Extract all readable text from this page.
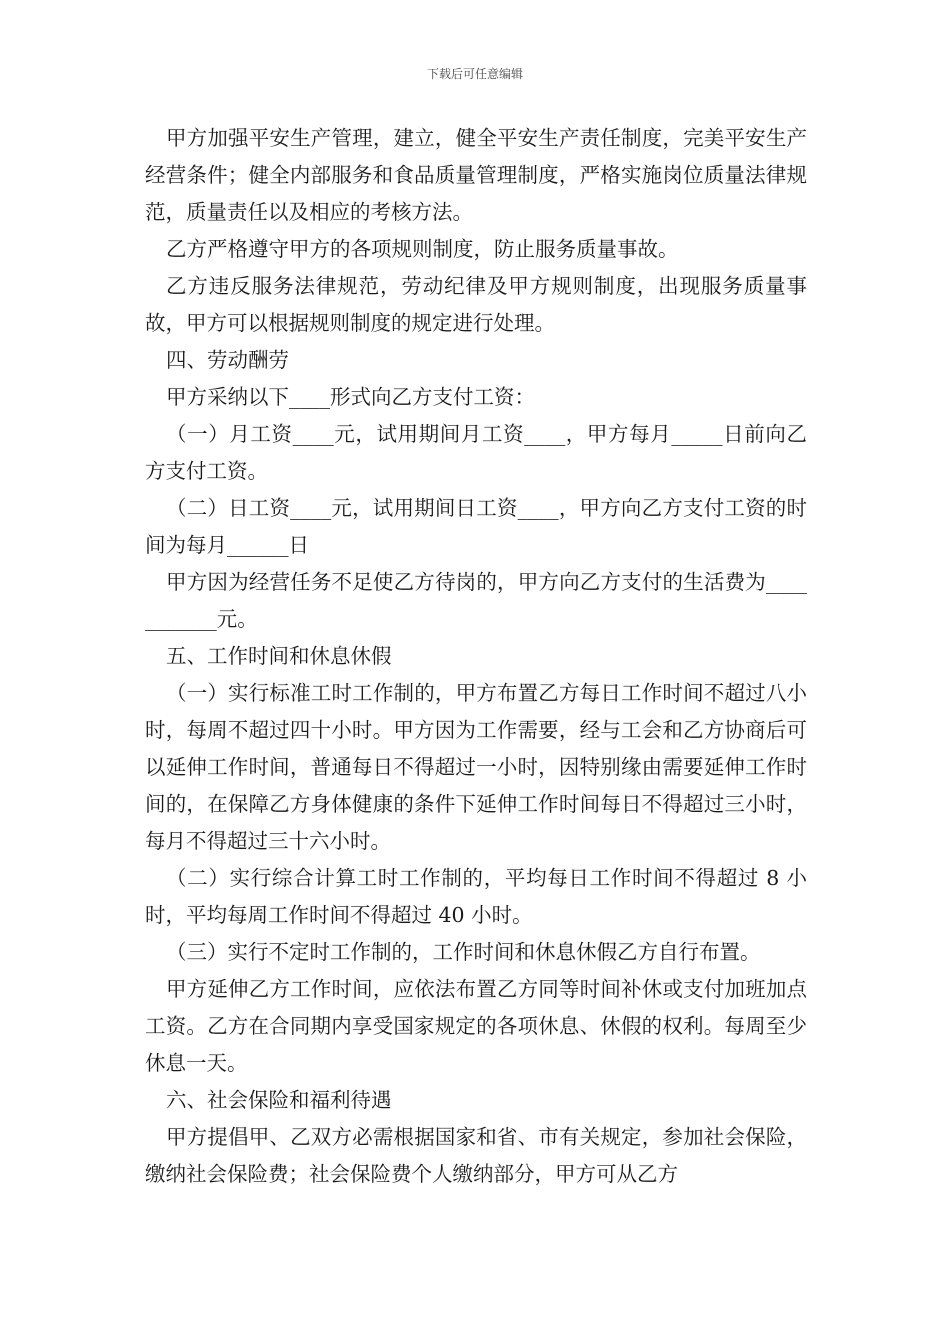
下载后可任意编辑

甲方加强平安生产管理，建立，健全平安生产责任制度，完美平安生产经营条件；健全内部服务和食品质量管理制度，严格实施岗位质量法律规范，质量责任以及相应的考核方法。

乙方严格遵守甲方的各项规则制度，防止服务质量事故。

乙方违反服务法律规范，劳动纪律及甲方规则制度，出现服务质量事故，甲方可以根据规则制度的规定进行处理。

四、劳动酬劳

甲方采纳以下____形式向乙方支付工资：

（一）月工资____元，试用期间月工资____，甲方每月_____日前向乙方支付工资。

（二）日工资____元，试用期间日工资____，甲方向乙方支付工资的时间为每月______日

甲方因为经营任务不足使乙方待岗的，甲方向乙方支付的生活费为___________元。

五、工作时间和休息休假

（一）实行标准工时工作制的，甲方布置乙方每日工作时间不超过八小时，每周不超过四十小时。甲方因为工作需要，经与工会和乙方协商后可以延伸工作时间，普通每日不得超过一小时，因特别缘由需要延伸工作时间的，在保障乙方身体健康的条件下延伸工作时间每日不得超过三小时，每月不得超过三十六小时。

（二）实行综合计算工时工作制的，平均每日工作时间不得超过 8 小时，平均每周工作时间不得超过 40 小时。

（三）实行不定时工作制的，工作时间和休息休假乙方自行布置。

甲方延伸乙方工作时间，应依法布置乙方同等时间补休或支付加班加点工资。乙方在合同期内享受国家规定的各项休息、休假的权利。每周至少休息一天。

六、社会保险和福利待遇

甲方提倡甲、乙双方必需根据国家和省、市有关规定，参加社会保险，缴纳社会保险费；社会保险费个人缴纳部分，甲方可从乙方
